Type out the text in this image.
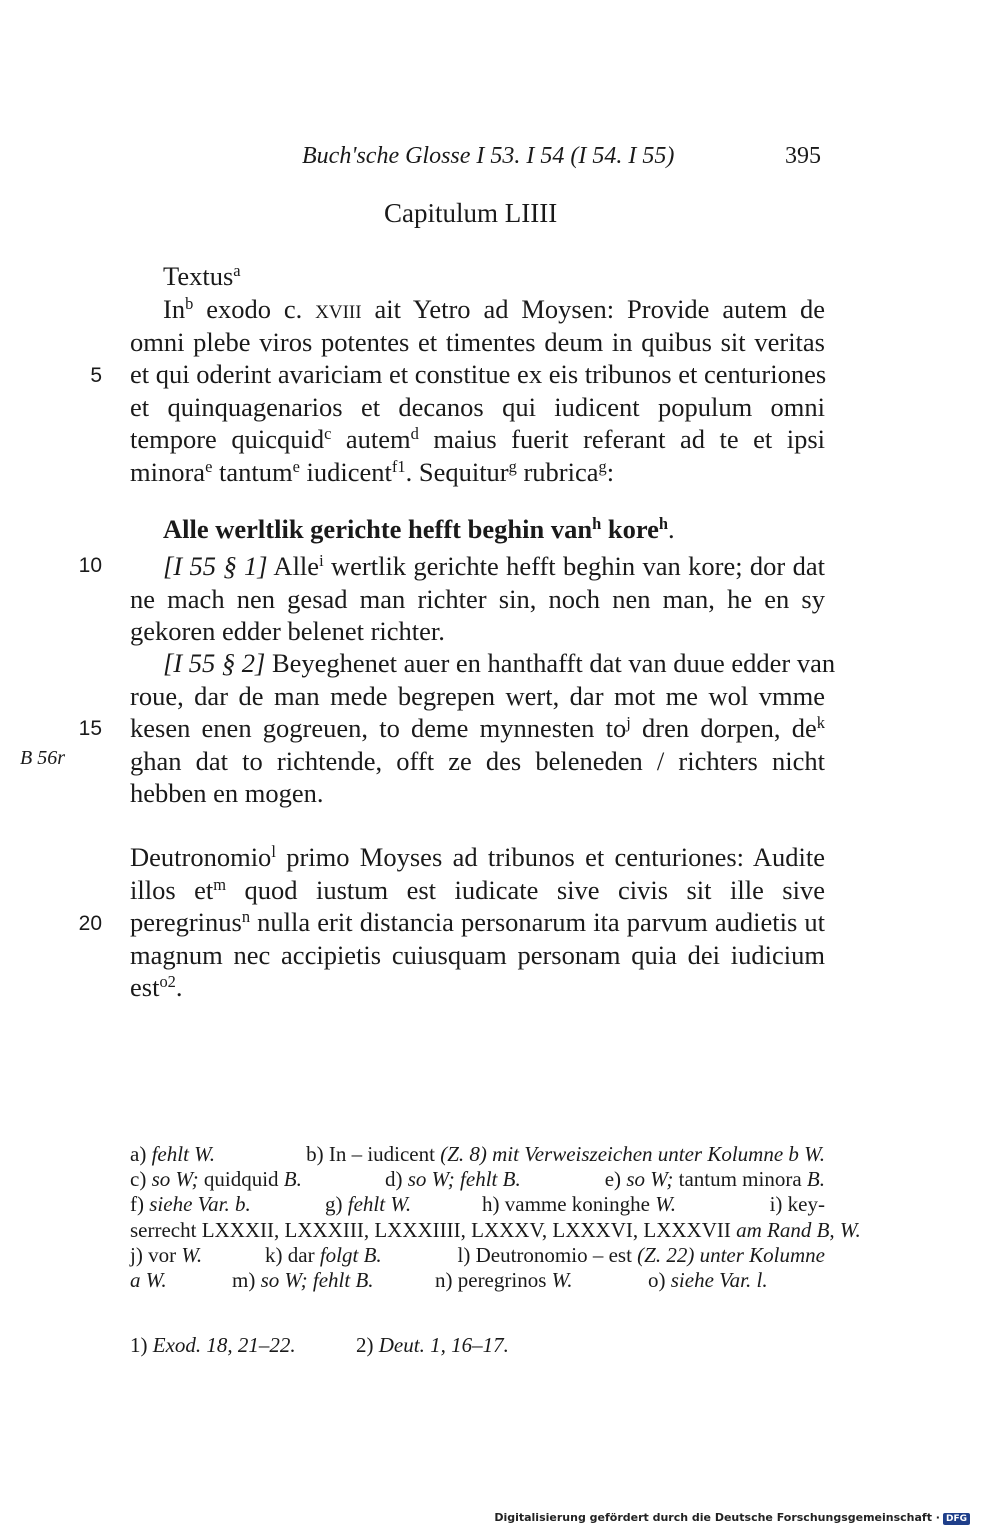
Buch'sche Glosse I 53. I 54 (I 54. I 55)	395
Capitulum LIIII
Textus$^a$
In$^b$ exodo c. xviii ait Yetro ad Moysen: Provide autem de
omni plebe viros potentes et timentes deum in quibus sit veritas
et qui oderint avariciam et constitue ex eis tribunos et centuriones
et quinquagenarios et decanos qui iudicent populum omni
tempore quicquid$^c$ autem$^d$ maius fuerit referant ad te et ipsi
minora$^e$ tantum$^e$ iudicent$^{f1}$. Sequitur$^g$ rubrica$^g$:
Alle werltlik gerichte hefft beghin van$^h$ kore$^h$.
[I 55 § 1] Alle$^i$ wertlik gerichte hefft beghin van kore; dor dat
ne mach nen gesad man richter sin, noch nen man, he en sy
gekoren edder belenet richter.
[I 55 § 2] Beyeghenet auer en hanthafft dat van duue edder van
roue, dar de man mede begrepen wert, dar mot me wol vmme
kesen enen gogreuen, to deme mynnesten $to^j$ dren dorpen, $de^k$
ghan dat to richtende, offt ze des beleneden / richters nicht
hebben en mogen.
Deutronomio$^l$ primo Moyses ad tribunos et centuriones: Audite
illos $et^m$ quod iustum est iudicate sive civis sit ille sive
peregrinus$^n$ nulla erit distancia personarum ita parvum audietis ut
magnum nec accipietis cuiusquam personam quia dei iudicium
est$^{o2}$.
5
10
15
20
B 56r
a) fehlt W.	b) In – iudicent (Z. 8) mit Verweiszeichen unter Kolumne b W.
c) so W; quidquid B.	d) so W; fehlt B.	e) so W; tantum minora B.
f) siehe Var. b.	g) fehlt W.	h) vamme koninghe W.	i) key-
serrecht LXXXII, LXXXIII, LXXXIIII, LXXXV, LXXXVI, LXXXVII am Rand B, W.
j) vor W.	k) dar folgt B.	l) Deutronomio – est (Z. 22) unter Kolumne
a W.	m) so W; fehlt B.	n) peregrinos W.	o) siehe Var. l.
1) Exod. 18, 21–22.	2) Deut. 1, 16–17.
Digitalisierung gefördert durch die Deutsche Forschungsgemeinschaft · DFG
